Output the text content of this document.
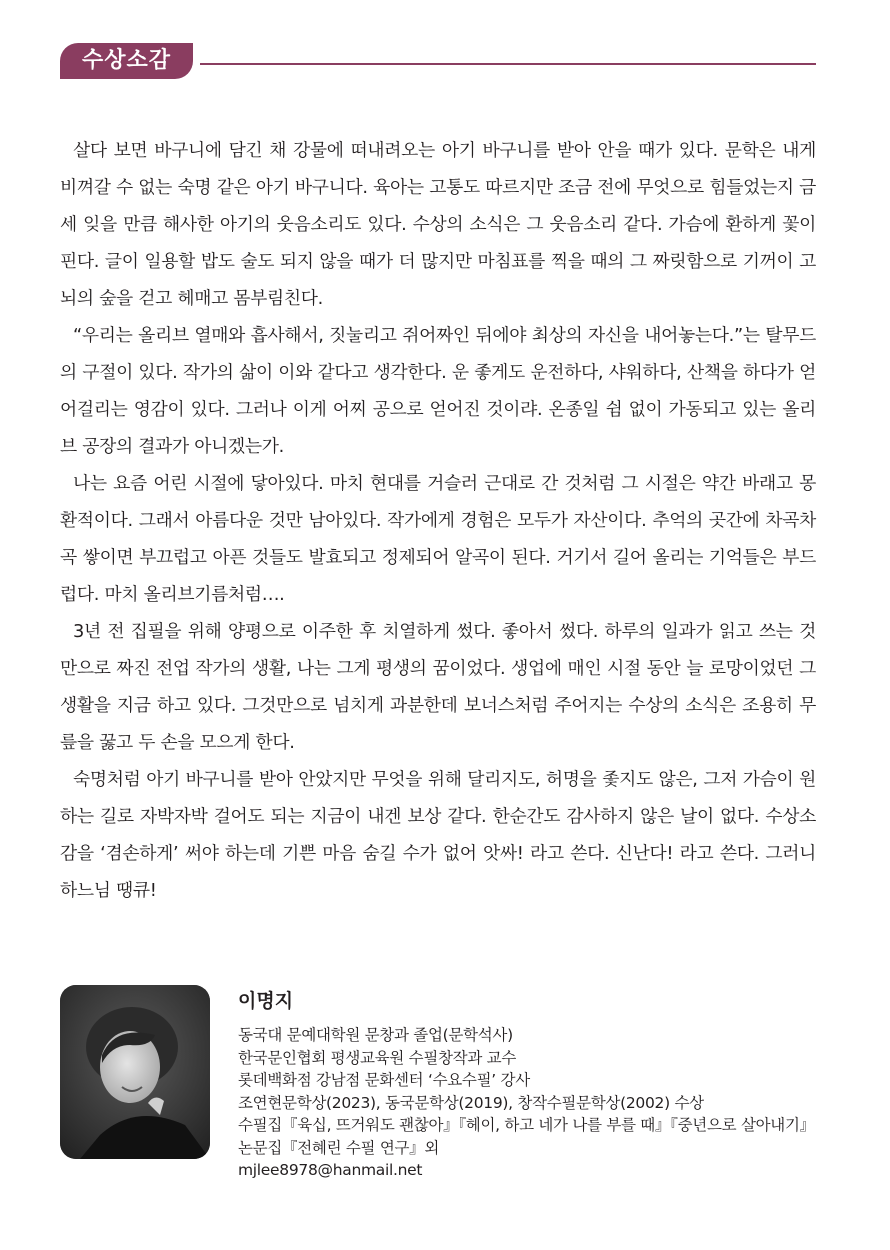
수상소감

살다 보면 바구니에 담긴 채 강물에 떠내려오는 아기 바구니를 받아 안을 때가 있다. 문학은 내게 비껴갈 수 없는 숙명 같은 아기 바구니다. 육아는 고통도 따르지만 조금 전에 무엇으로 힘들었는지 금세 잊을 만큼 해사한 아기의 웃음소리도 있다. 수상의 소식은 그 웃음소리 같다. 가슴에 환하게 꽃이 핀다. 글이 일용할 밥도 술도 되지 않을 때가 더 많지만 마침표를 찍을 때의 그 짜릿함으로 기꺼이 고뇌의 숲을 걷고 헤매고 몸부림친다.

“우리는 올리브 열매와 흡사해서, 짓눌리고 쥐어짜인 뒤에야 최상의 자신을 내어놓는다.”는 탈무드의 구절이 있다. 작가의 삶이 이와 같다고 생각한다. 운 좋게도 운전하다, 샤워하다, 산책을 하다가 얻어걸리는 영감이 있다. 그러나 이게 어찌 공으로 얻어진 것이랴. 온종일 쉼 없이 가동되고 있는 올리브 공장의 결과가 아니겠는가.

나는 요즘 어린 시절에 닿아있다. 마치 현대를 거슬러 근대로 간 것처럼 그 시절은 약간 바래고 몽환적이다. 그래서 아름다운 것만 남아있다. 작가에게 경험은 모두가 자산이다. 추억의 곳간에 차곡차곡 쌓이면 부끄럽고 아픈 것들도 발효되고 정제되어 알곡이 된다. 거기서 길어 올리는 기억들은 부드럽다. 마치 올리브기름처럼….

3년 전 집필을 위해 양평으로 이주한 후 치열하게 썼다. 좋아서 썼다. 하루의 일과가 읽고 쓰는 것만으로 짜진 전업 작가의 생활, 나는 그게 평생의 꿈이었다. 생업에 매인 시절 동안 늘 로망이었던 그 생활을 지금 하고 있다. 그것만으로 넘치게 과분한데 보너스처럼 주어지는 수상의 소식은 조용히 무릎을 꿇고 두 손을 모으게 한다.

숙명처럼 아기 바구니를 받아 안았지만 무엇을 위해 달리지도, 허명을 좇지도 않은, 그저 가슴이 원하는 길로 자박자박 걸어도 되는 지금이 내겐 보상 같다. 한순간도 감사하지 않은 날이 없다. 수상소감을 ‘겸손하게’ 써야 하는데 기쁜 마음 숨길 수가 없어 앗싸! 라고 쓴다. 신난다! 라고 쓴다. 그러니 하느님 땡큐!

이명지
동국대 문예대학원 문창과 졸업(문학석사)
한국문인협회 평생교육원 수필창작과 교수
롯데백화점 강남점 문화센터 ‘수요수필’ 강사
조연현문학상(2023), 동국문학상(2019), 창작수필문학상(2002) 수상
수필집『육십, 뜨거워도 괜찮아』『헤이, 하고 네가 나를 부를 때』『중년으로 살아내기』
논문집『전혜린 수필 연구』외
mjlee8978@hanmail.net
